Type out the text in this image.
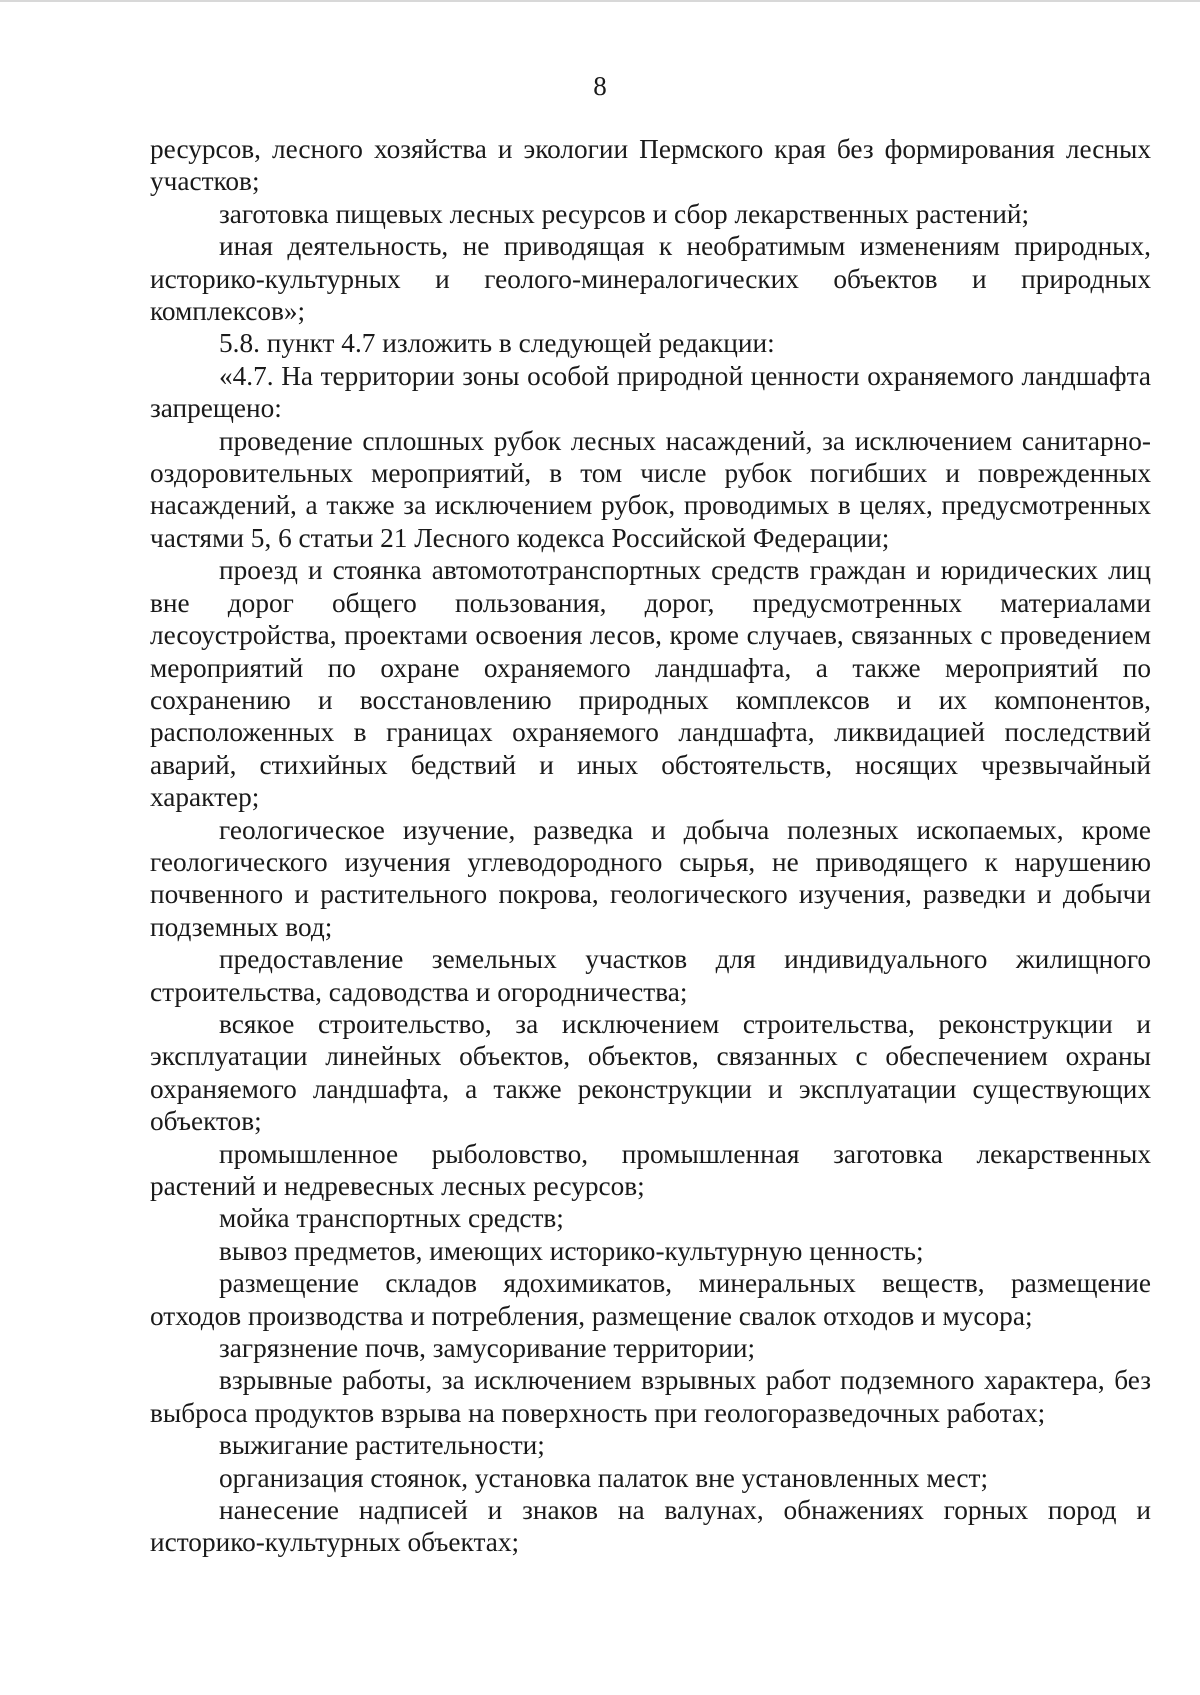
8

ресурсов, лесного хозяйства и экологии Пермского края без формирования лесных участков;

заготовка пищевых лесных ресурсов и сбор лекарственных растений;

иная деятельность, не приводящая к необратимым изменениям природных, историко-культурных и геолого-минералогических объектов и природных комплексов»;

5.8. пункт 4.7 изложить в следующей редакции:

«4.7. На территории зоны особой природной ценности охраняемого ландшафта запрещено:

проведение сплошных рубок лесных насаждений, за исключением санитарно-оздоровительных мероприятий, в том числе рубок погибших и поврежденных насаждений, а также за исключением рубок, проводимых в целях, предусмотренных частями 5, 6 статьи 21 Лесного кодекса Российской Федерации;

проезд и стоянка автомототранспортных средств граждан и юридических лиц вне дорог общего пользования, дорог, предусмотренных материалами лесоустройства, проектами освоения лесов, кроме случаев, связанных с проведением мероприятий по охране охраняемого ландшафта, а также мероприятий по сохранению и восстановлению природных комплексов и их компонентов, расположенных в границах охраняемого ландшафта, ликвидацией последствий аварий, стихийных бедствий и иных обстоятельств, носящих чрезвычайный характер;

геологическое изучение, разведка и добыча полезных ископаемых, кроме геологического изучения углеводородного сырья, не приводящего к нарушению почвенного и растительного покрова, геологического изучения, разведки и добычи подземных вод;

предоставление земельных участков для индивидуального жилищного строительства, садоводства и огородничества;

всякое строительство, за исключением строительства, реконструкции и эксплуатации линейных объектов, объектов, связанных с обеспечением охраны охраняемого ландшафта, а также реконструкции и эксплуатации существующих объектов;

промышленное рыболовство, промышленная заготовка лекарственных растений и недревесных лесных ресурсов;

мойка транспортных средств;

вывоз предметов, имеющих историко-культурную ценность;

размещение складов ядохимикатов, минеральных веществ, размещение отходов производства и потребления, размещение свалок отходов и мусора;

загрязнение почв, замусоривание территории;

взрывные работы, за исключением взрывных работ подземного характера, без выброса продуктов взрыва на поверхность при геологоразведочных работах;

выжигание растительности;

организация стоянок, установка палаток вне установленных мест;

нанесение надписей и знаков на валунах, обнажениях горных пород и историко-культурных объектах;
